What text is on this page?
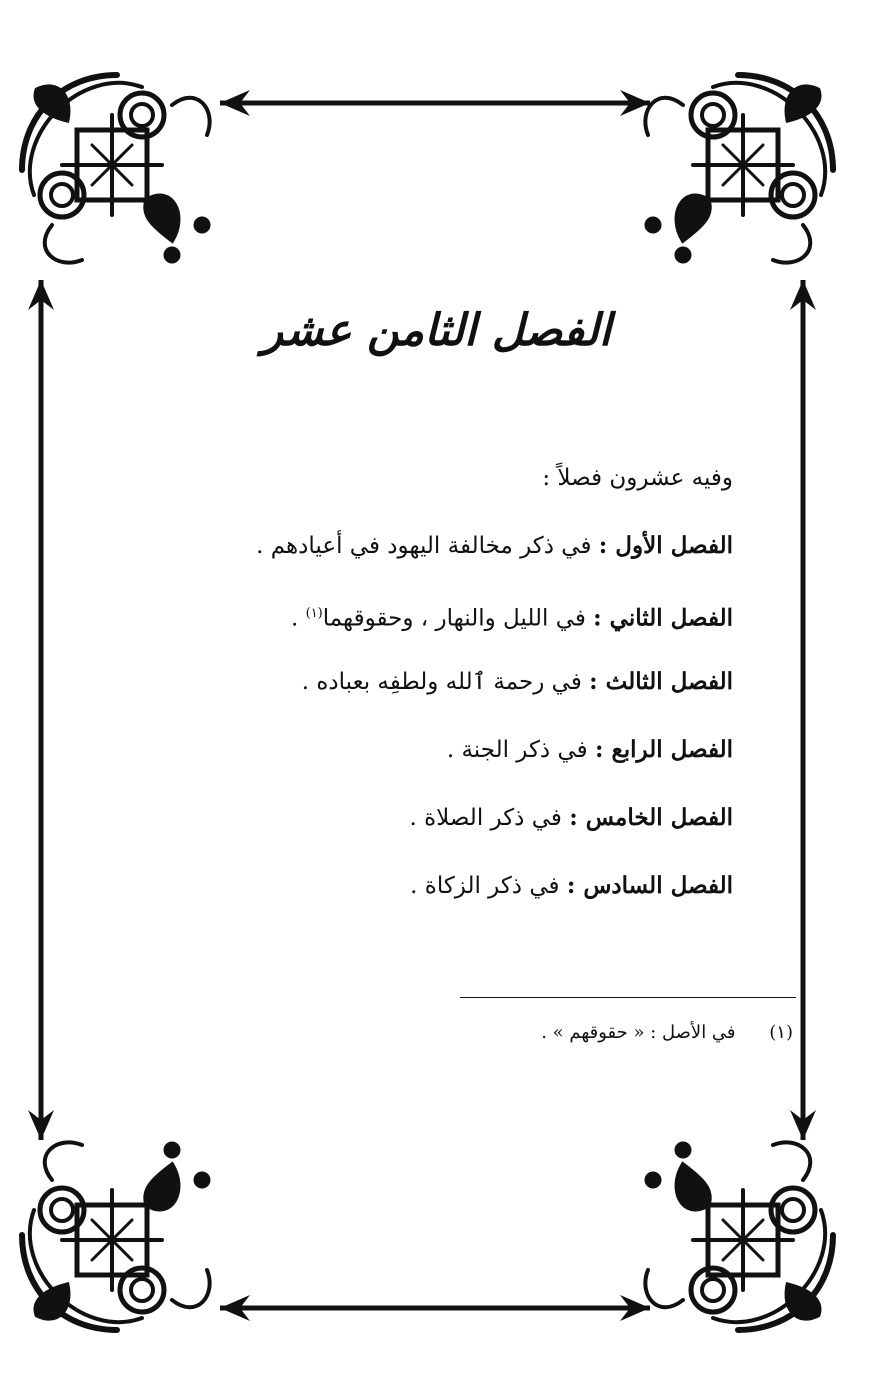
الفصل الثامن عشر
وفيه عشرون فصلاً :
الفصل الأول : في ذكر مخالفة اليهود في أعيادهم .
الفصل الثاني : في الليل والنهار ، وحقوقهما$^{(١)}$ .
الفصل الثالث : في رحمة ٱلله ولطفِه بعباده .
الفصل الرابع : في ذكر الجنة .
الفصل الخامس : في ذكر الصلاة .
الفصل السادس : في ذكر الزكاة .
(١) في الأصل : « حقوقهم » .
